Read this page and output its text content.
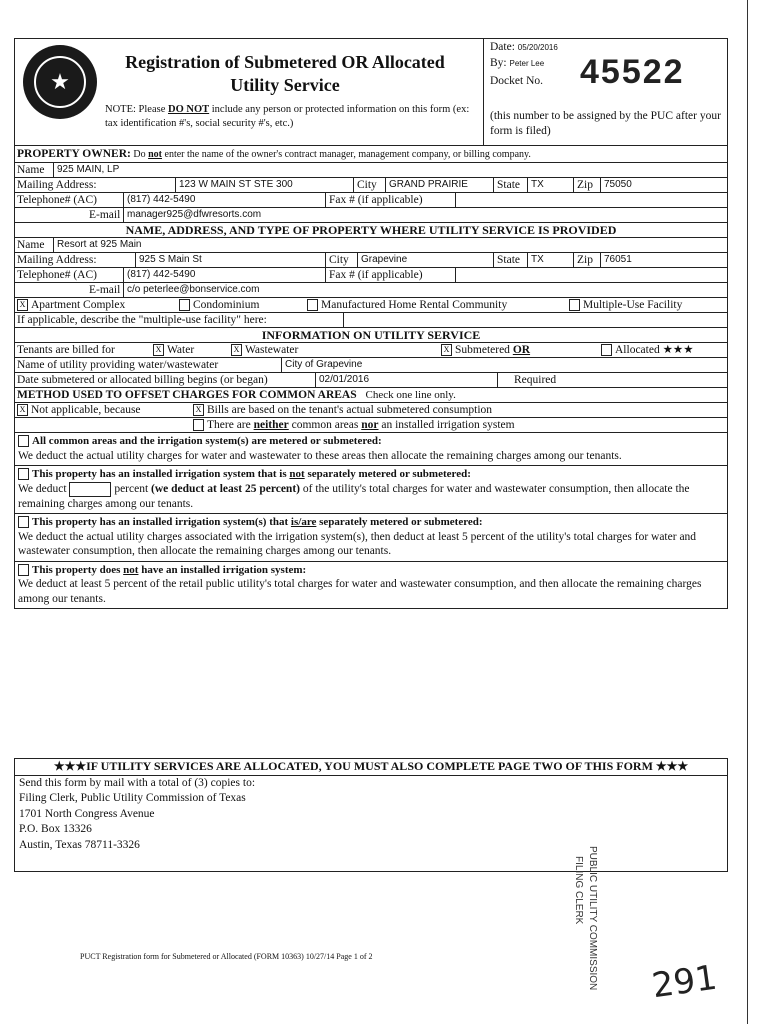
★
Registration of Submetered OR Allocated
Utility Service
NOTE: Please DO NOT include any person or protected information on this form (ex: tax identification #'s, social security #'s, etc.)
Date: 05/20/2016
By: Peter Lee
Docket No. 45522
(this number to be assigned by the PUC after your form is filed)
PROPERTY OWNER: Do not enter the name of the owner's contract manager, management company, or billing company.
Name	925 MAIN, LP
Mailing Address:	123 W MAIN ST STE 300	City	GRAND PRAIRIE	State	TX	Zip	75050
Telephone# (AC)	(817) 442-5490	Fax # (if applicable)
E-mail manager925@dfwresorts.com
NAME, ADDRESS, AND TYPE OF PROPERTY WHERE UTILITY SERVICE IS PROVIDED
Name	Resort at 925 Main
Mailing Address:	925 S Main St	City	Grapevine	State	TX	Zip	76051
Telephone# (AC)	(817) 442-5490	Fax # (if applicable)
E-mail c/o peterlee@bonservice.com
X Apartment Complex	Condominium	Manufactured Home Rental Community	Multiple-Use Facility
If applicable, describe the "multiple-use facility" here:
INFORMATION ON UTILITY SERVICE
Tenants are billed for	X Water	X Wastewater	X Submetered OR	Allocated ★★★
Name of utility providing water/wastewater	City of Grapevine
Date submetered or allocated billing begins (or began)	02/01/2016	Required
METHOD USED TO OFFSET CHARGES FOR COMMON AREAS Check one line only.
X Not applicable, because	X Bills are based on the tenant's actual submetered consumption
There are neither common areas nor an installed irrigation system
All common areas and the irrigation system(s) are metered or submetered:
We deduct the actual utility charges for water and wastewater to these areas then allocate the remaining charges among our tenants.
This property has an installed irrigation system that is not separately metered or submetered:
We deduct	percent (we deduct at least 25 percent) of the utility's total charges for water and wastewater consumption, then allocate the remaining charges among our tenants.
This property has an installed irrigation system(s) that is/are separately metered or submetered:
We deduct the actual utility charges associated with the irrigation system(s), then deduct at least 5 percent of the utility's total charges for water and wastewater consumption, then allocate the remaining charges among our tenants.
This property does not have an installed irrigation system:
We deduct at least 5 percent of the retail public utility's total charges for water and wastewater consumption, and then allocate the remaining charges among our tenants.
★★★IF UTILITY SERVICES ARE ALLOCATED, YOU MUST ALSO COMPLETE PAGE TWO OF THIS FORM ★★★
Send this form by mail with a total of (3) copies to:
Filing Clerk, Public Utility Commission of Texas
1701 North Congress Avenue
P.O. Box 13326
Austin, Texas 78711-3326
PUCT Registration form for Submetered or Allocated (FORM 10363) 10/27/14 Page 1 of 2	PUBLIC UTILITY COMMISSION
FILING CLERK
291
